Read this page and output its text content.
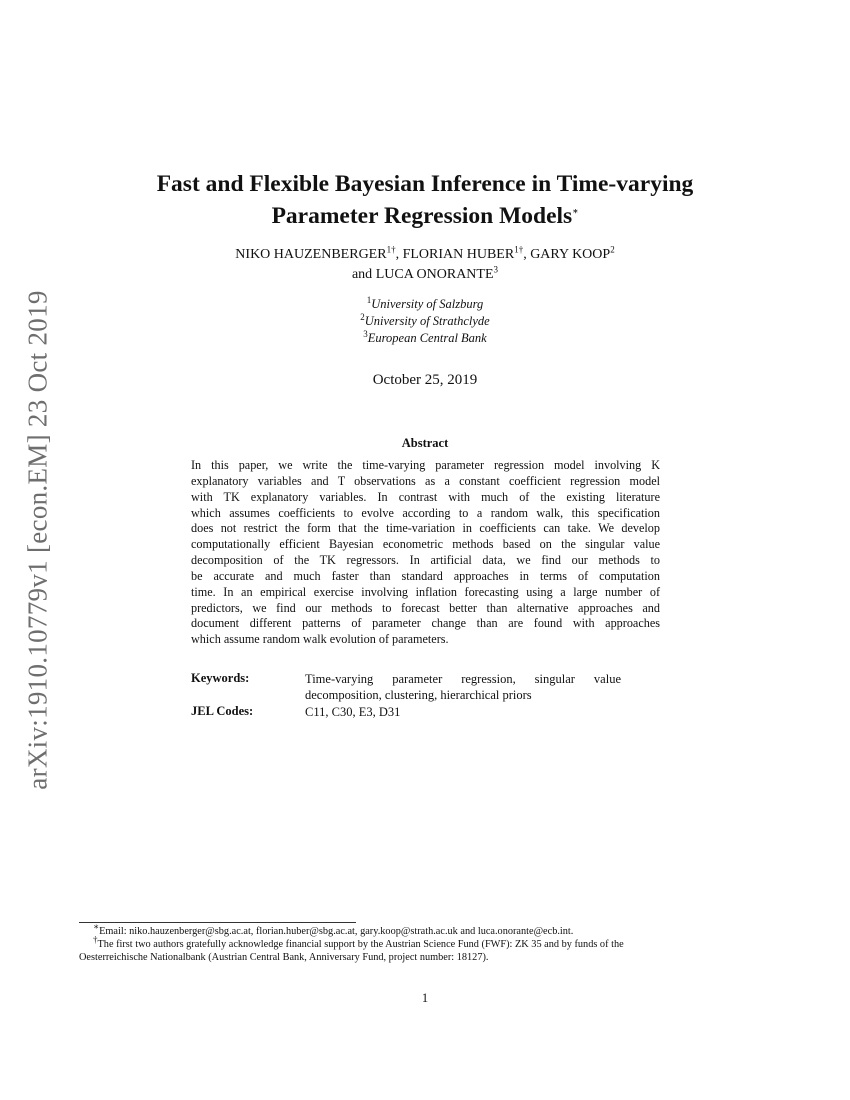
arXiv:1910.10779v1 [econ.EM] 23 Oct 2019
Fast and Flexible Bayesian Inference in Time-varying
Parameter Regression Models∗
NIKO $HAUZENBERGER^{1\dagger}$, FLORIAN $HUBER^{1\dagger}$, GARY KOOP$^2$
and LUCA ONORANTE$^3$
$^1$University of Salzburg
$^2$University of Strathclyde
$^3$European Central Bank
October 25, 2019
Abstract
In this paper, we write the time-varying parameter regression model involving K
explanatory variables and T observations as a constant coefficient regression model
with TK explanatory variables. In contrast with much of the existing literature
which assumes coefficients to evolve according to a random walk, this specification
does not restrict the form that the time-variation in coefficients can take. We develop
computationally efficient Bayesian econometric methods based on the singular value
decomposition of the TK regressors. In artificial data, we find our methods to
be accurate and much faster than standard approaches in terms of computation
time. In an empirical exercise involving inflation forecasting using a large number of
predictors, we find our methods to forecast better than alternative approaches and
document different patterns of parameter change than are found with approaches
which assume random walk evolution of parameters.
Keywords:	Time-varying parameter regression, singular value
decomposition, clustering, hierarchical priors
JEL Codes:	C11, C30, E3, D31
∗Email: niko.hauzenberger@sbg.ac.at, florian.huber@sbg.ac.at, gary.koop@strath.ac.uk and luca.onorante@ecb.int.
†The first two authors gratefully acknowledge financial support by the Austrian Science Fund (FWF): ZK 35 and by funds of the
Oesterreichische Nationalbank (Austrian Central Bank, Anniversary Fund, project number: 18127).
1
